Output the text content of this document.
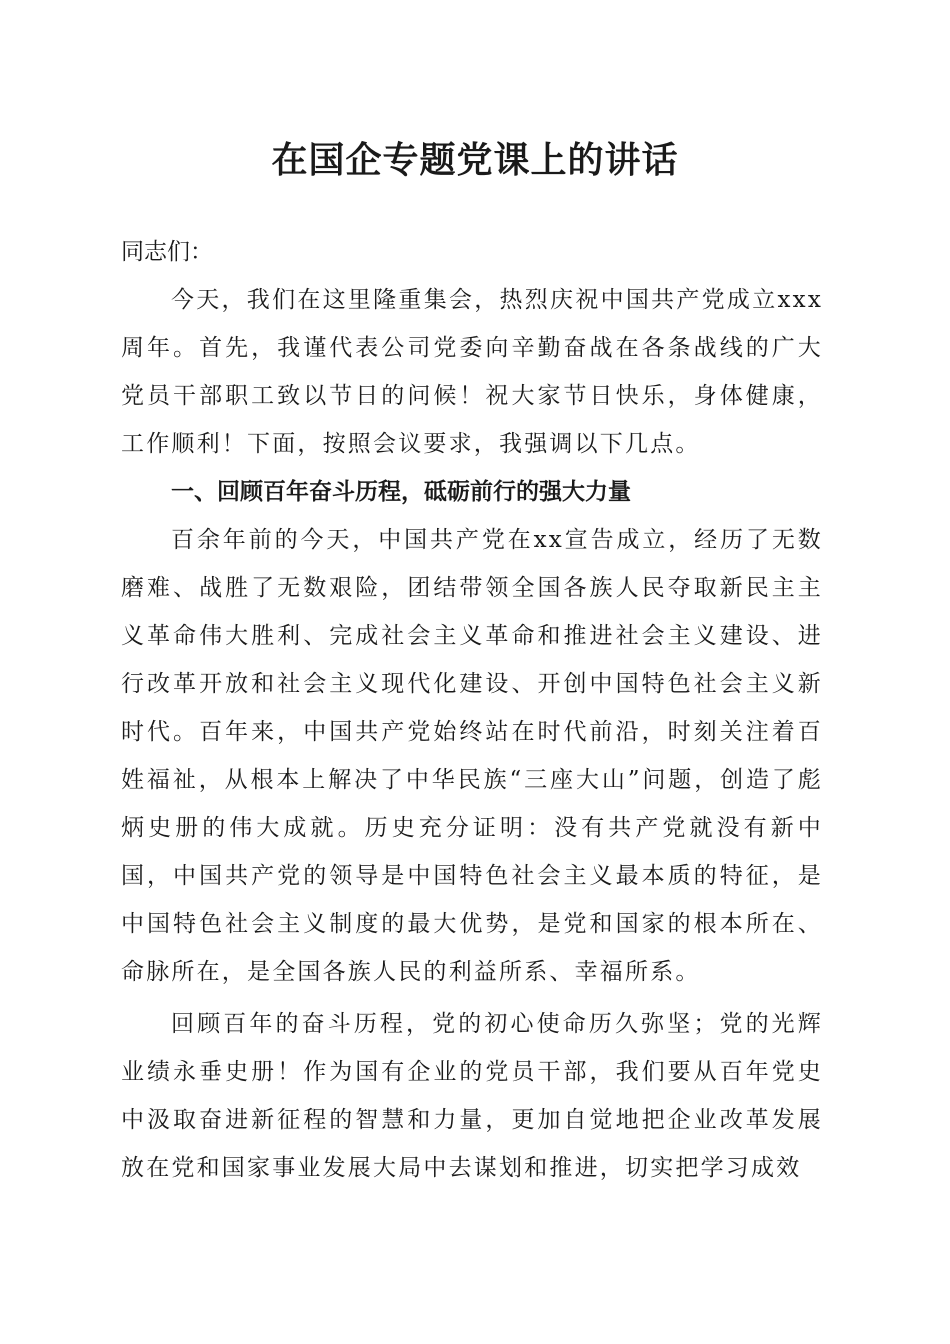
在国企专题党课上的讲话

同志们：

今天，我们在这里隆重集会，热烈庆祝中国共产党成立xxx周年。首先，我谨代表公司党委向辛勤奋战在各条战线的广大党员干部职工致以节日的问候！祝大家节日快乐，身体健康，工作顺利！下面，按照会议要求，我强调以下几点。

一、回顾百年奋斗历程，砥砺前行的强大力量

百余年前的今天，中国共产党在xx宣告成立，经历了无数磨难、战胜了无数艰险，团结带领全国各族人民夺取新民主主义革命伟大胜利、完成社会主义革命和推进社会主义建设、进行改革开放和社会主义现代化建设、开创中国特色社会主义新时代。百年来，中国共产党始终站在时代前沿，时刻关注着百姓福祉，从根本上解决了中华民族“三座大山”问题，创造了彪炳史册的伟大成就。历史充分证明：没有共产党就没有新中国，中国共产党的领导是中国特色社会主义最本质的特征，是中国特色社会主义制度的最大优势，是党和国家的根本所在、命脉所在，是全国各族人民的利益所系、幸福所系。

回顾百年的奋斗历程，党的初心使命历久弥坚；党的光辉业绩永垂史册！作为国有企业的党员干部，我们要从百年党史中汲取奋进新征程的智慧和力量，更加自觉地把企业改革发展放在党和国家事业发展大局中去谋划和推进，切实把学习成效
